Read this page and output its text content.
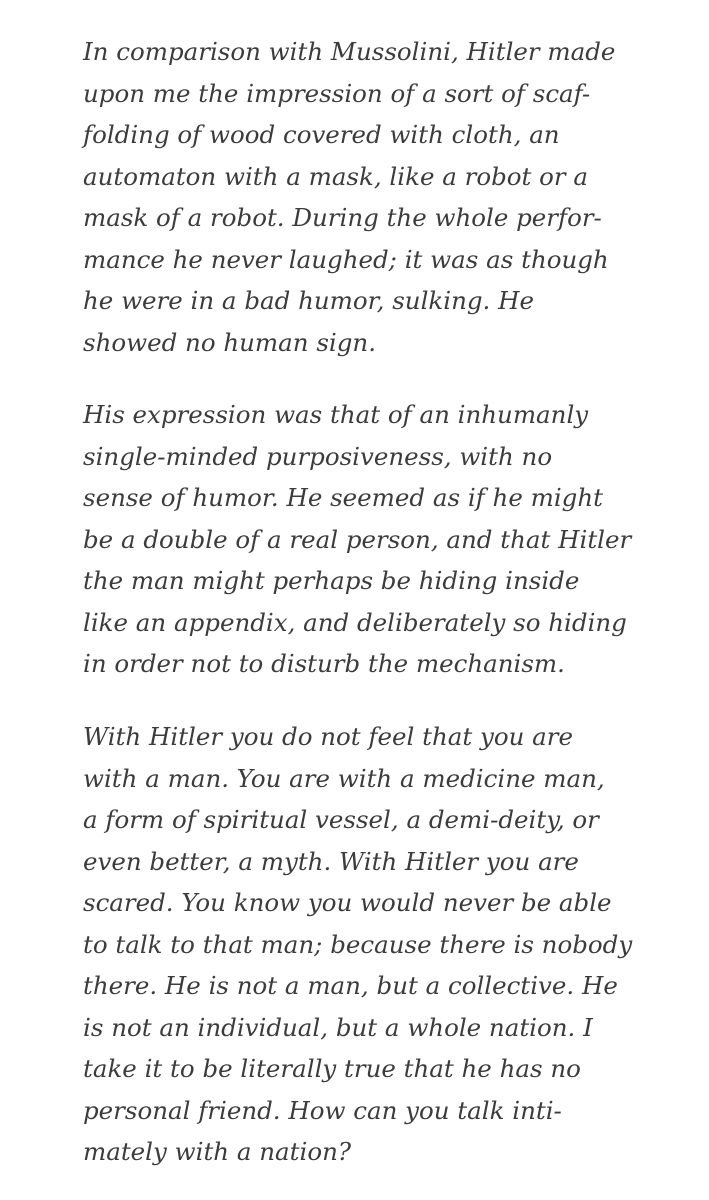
In comparison with Mussolini, Hitler made
upon me the impression of a sort of scaf-
folding of wood covered with cloth, an
automaton with a mask, like a robot or a
mask of a robot. During the whole perfor-
mance he never laughed; it was as though
he were in a bad humor, sulking. He
showed no human sign.

His expression was that of an inhumanly
single-minded purposiveness, with no
sense of humor. He seemed as if he might
be a double of a real person, and that Hitler
the man might perhaps be hiding inside
like an appendix, and deliberately so hiding
in order not to disturb the mechanism.

With Hitler you do not feel that you are
with a man. You are with a medicine man,
a form of spiritual vessel, a demi-deity, or
even better, a myth. With Hitler you are
scared. You know you would never be able
to talk to that man; because there is nobody
there. He is not a man, but a collective. He
is not an individual, but a whole nation. I
take it to be literally true that he has no
personal friend. How can you talk inti-
mately with a nation?
